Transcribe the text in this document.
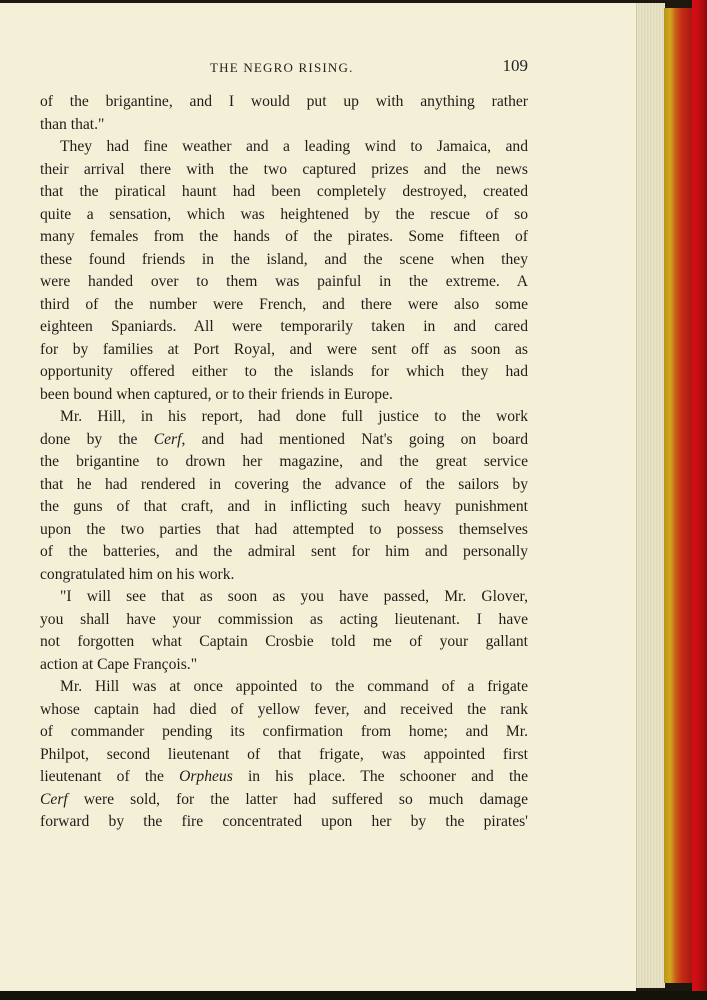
THE NEGRO RISING.	109

of the brigantine, and I would put up with anything rather
than that."

They had fine weather and a leading wind to Jamaica, and
their arrival there with the two captured prizes and the news
that the piratical haunt had been completely destroyed, created
quite a sensation, which was heightened by the rescue of so
many females from the hands of the pirates. Some fifteen of
these found friends in the island, and the scene when they
were handed over to them was painful in the extreme. A
third of the number were French, and there were also some
eighteen Spaniards. All were temporarily taken in and cared
for by families at Port Royal, and were sent off as soon as
opportunity offered either to the islands for which they had
been bound when captured, or to their friends in Europe.

Mr. Hill, in his report, had done full justice to the work
done by the Cerf, and had mentioned Nat's going on board
the brigantine to drown her magazine, and the great service
that he had rendered in covering the advance of the sailors by
the guns of that craft, and in inflicting such heavy punishment
upon the two parties that had attempted to possess themselves
of the batteries, and the admiral sent for him and personally
congratulated him on his work.

"I will see that as soon as you have passed, Mr. Glover,
you shall have your commission as acting lieutenant. I have
not forgotten what Captain Crosbie told me of your gallant
action at Cape François."

Mr. Hill was at once appointed to the command of a frigate
whose captain had died of yellow fever, and received the rank
of commander pending its confirmation from home; and Mr.
Philpot, second lieutenant of that frigate, was appointed first
lieutenant of the Orpheus in his place. The schooner and the
Cerf were sold, for the latter had suffered so much damage
forward by the fire concentrated upon her by the pirates'
